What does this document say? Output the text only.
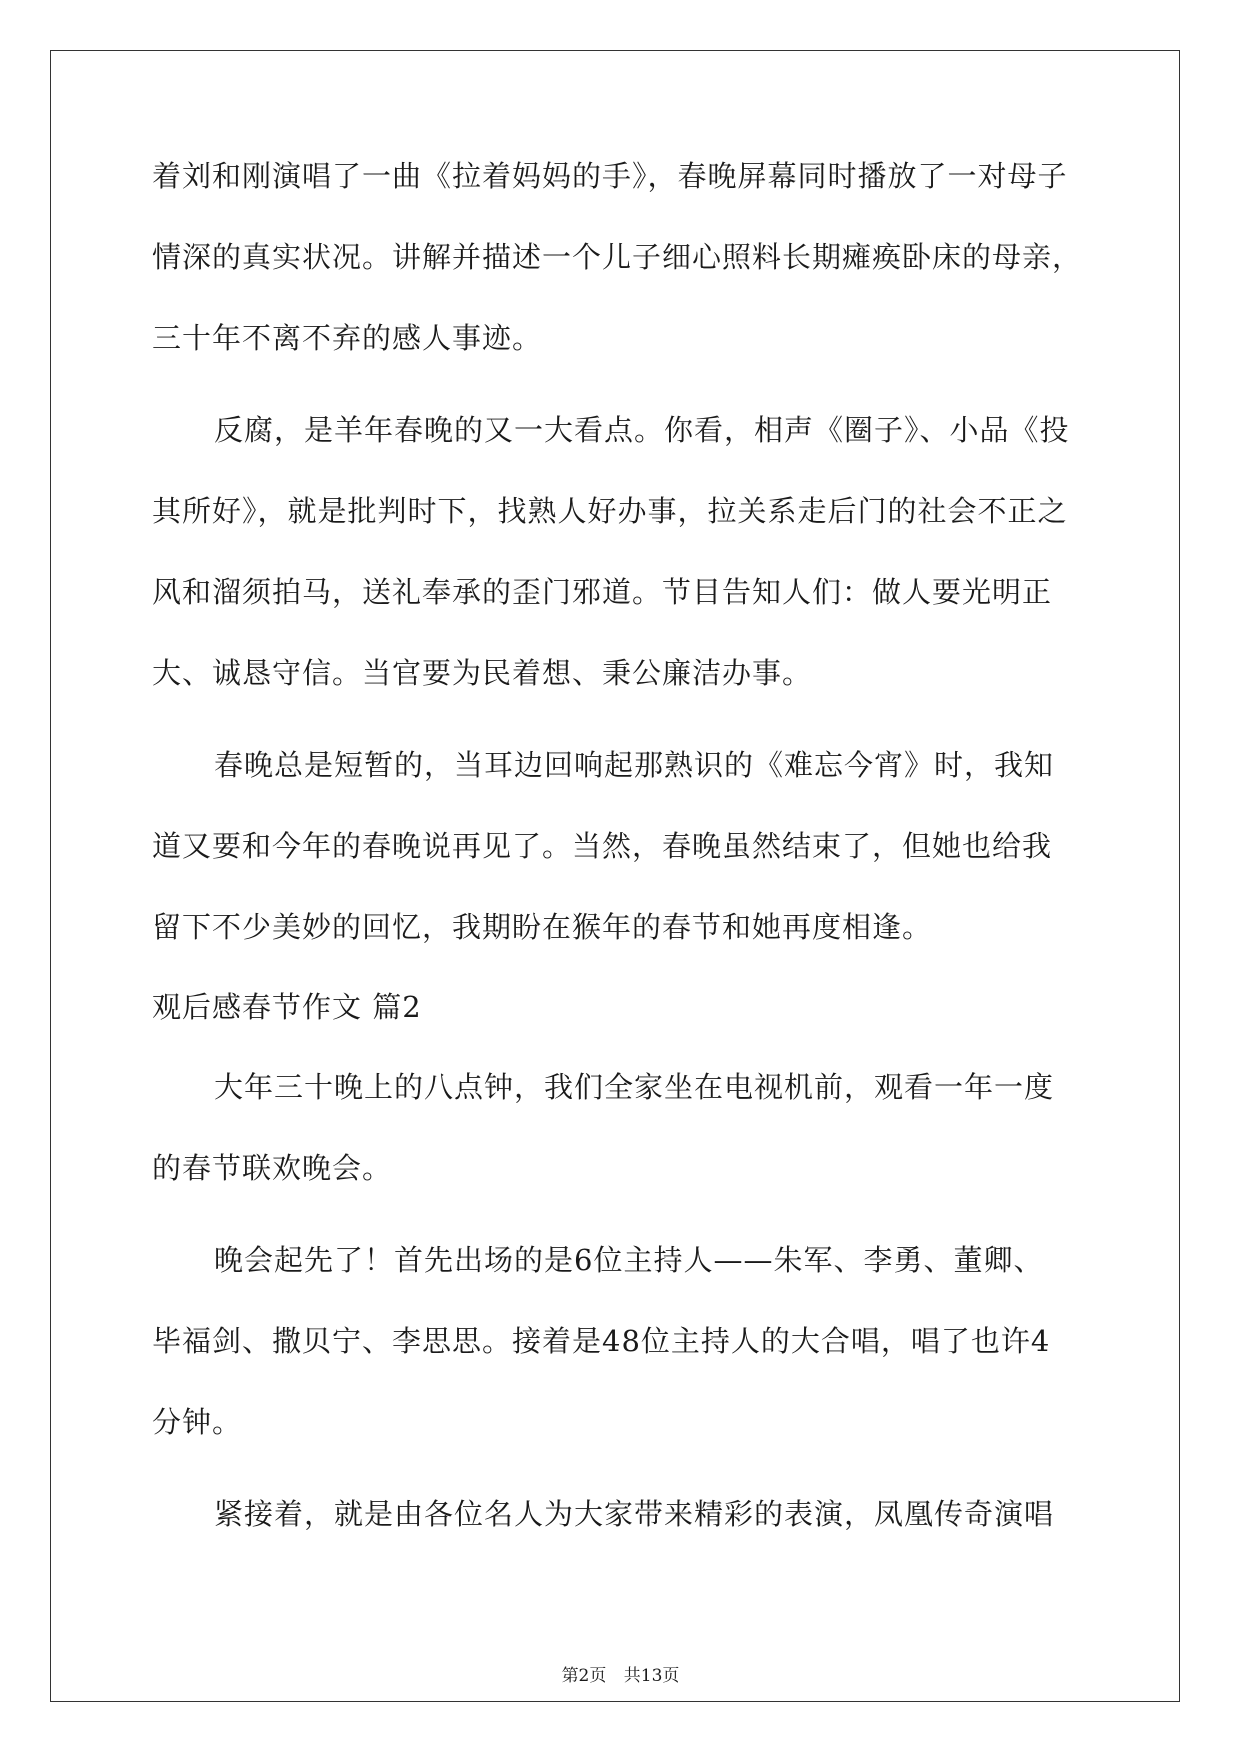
着刘和刚演唱了一曲《拉着妈妈的手》，春晚屏幕同时播放了一对母子
情深的真实状况。讲解并描述一个儿子细心照料长期瘫痪卧床的母亲，
三十年不离不弃的感人事迹。
反腐，是羊年春晚的又一大看点。你看，相声《圈子》、小品《投
其所好》，就是批判时下，找熟人好办事，拉关系走后门的社会不正之
风和溜须拍马，送礼奉承的歪门邪道。节目告知人们：做人要光明正
大、诚恳守信。当官要为民着想、秉公廉洁办事。
春晚总是短暂的，当耳边回响起那熟识的《难忘今宵》时，我知
道又要和今年的春晚说再见了。当然，春晚虽然结束了，但她也给我
留下不少美妙的回忆，我期盼在猴年的春节和她再度相逢。
观后感春节作文 篇2
大年三十晚上的八点钟，我们全家坐在电视机前，观看一年一度
的春节联欢晚会。
晚会起先了！首先出场的是6位主持人——朱军、李勇、董卿、
毕福剑、撒贝宁、李思思。接着是48位主持人的大合唱，唱了也许4
分钟。
紧接着，就是由各位名人为大家带来精彩的表演，凤凰传奇演唱
第2页 共13页
